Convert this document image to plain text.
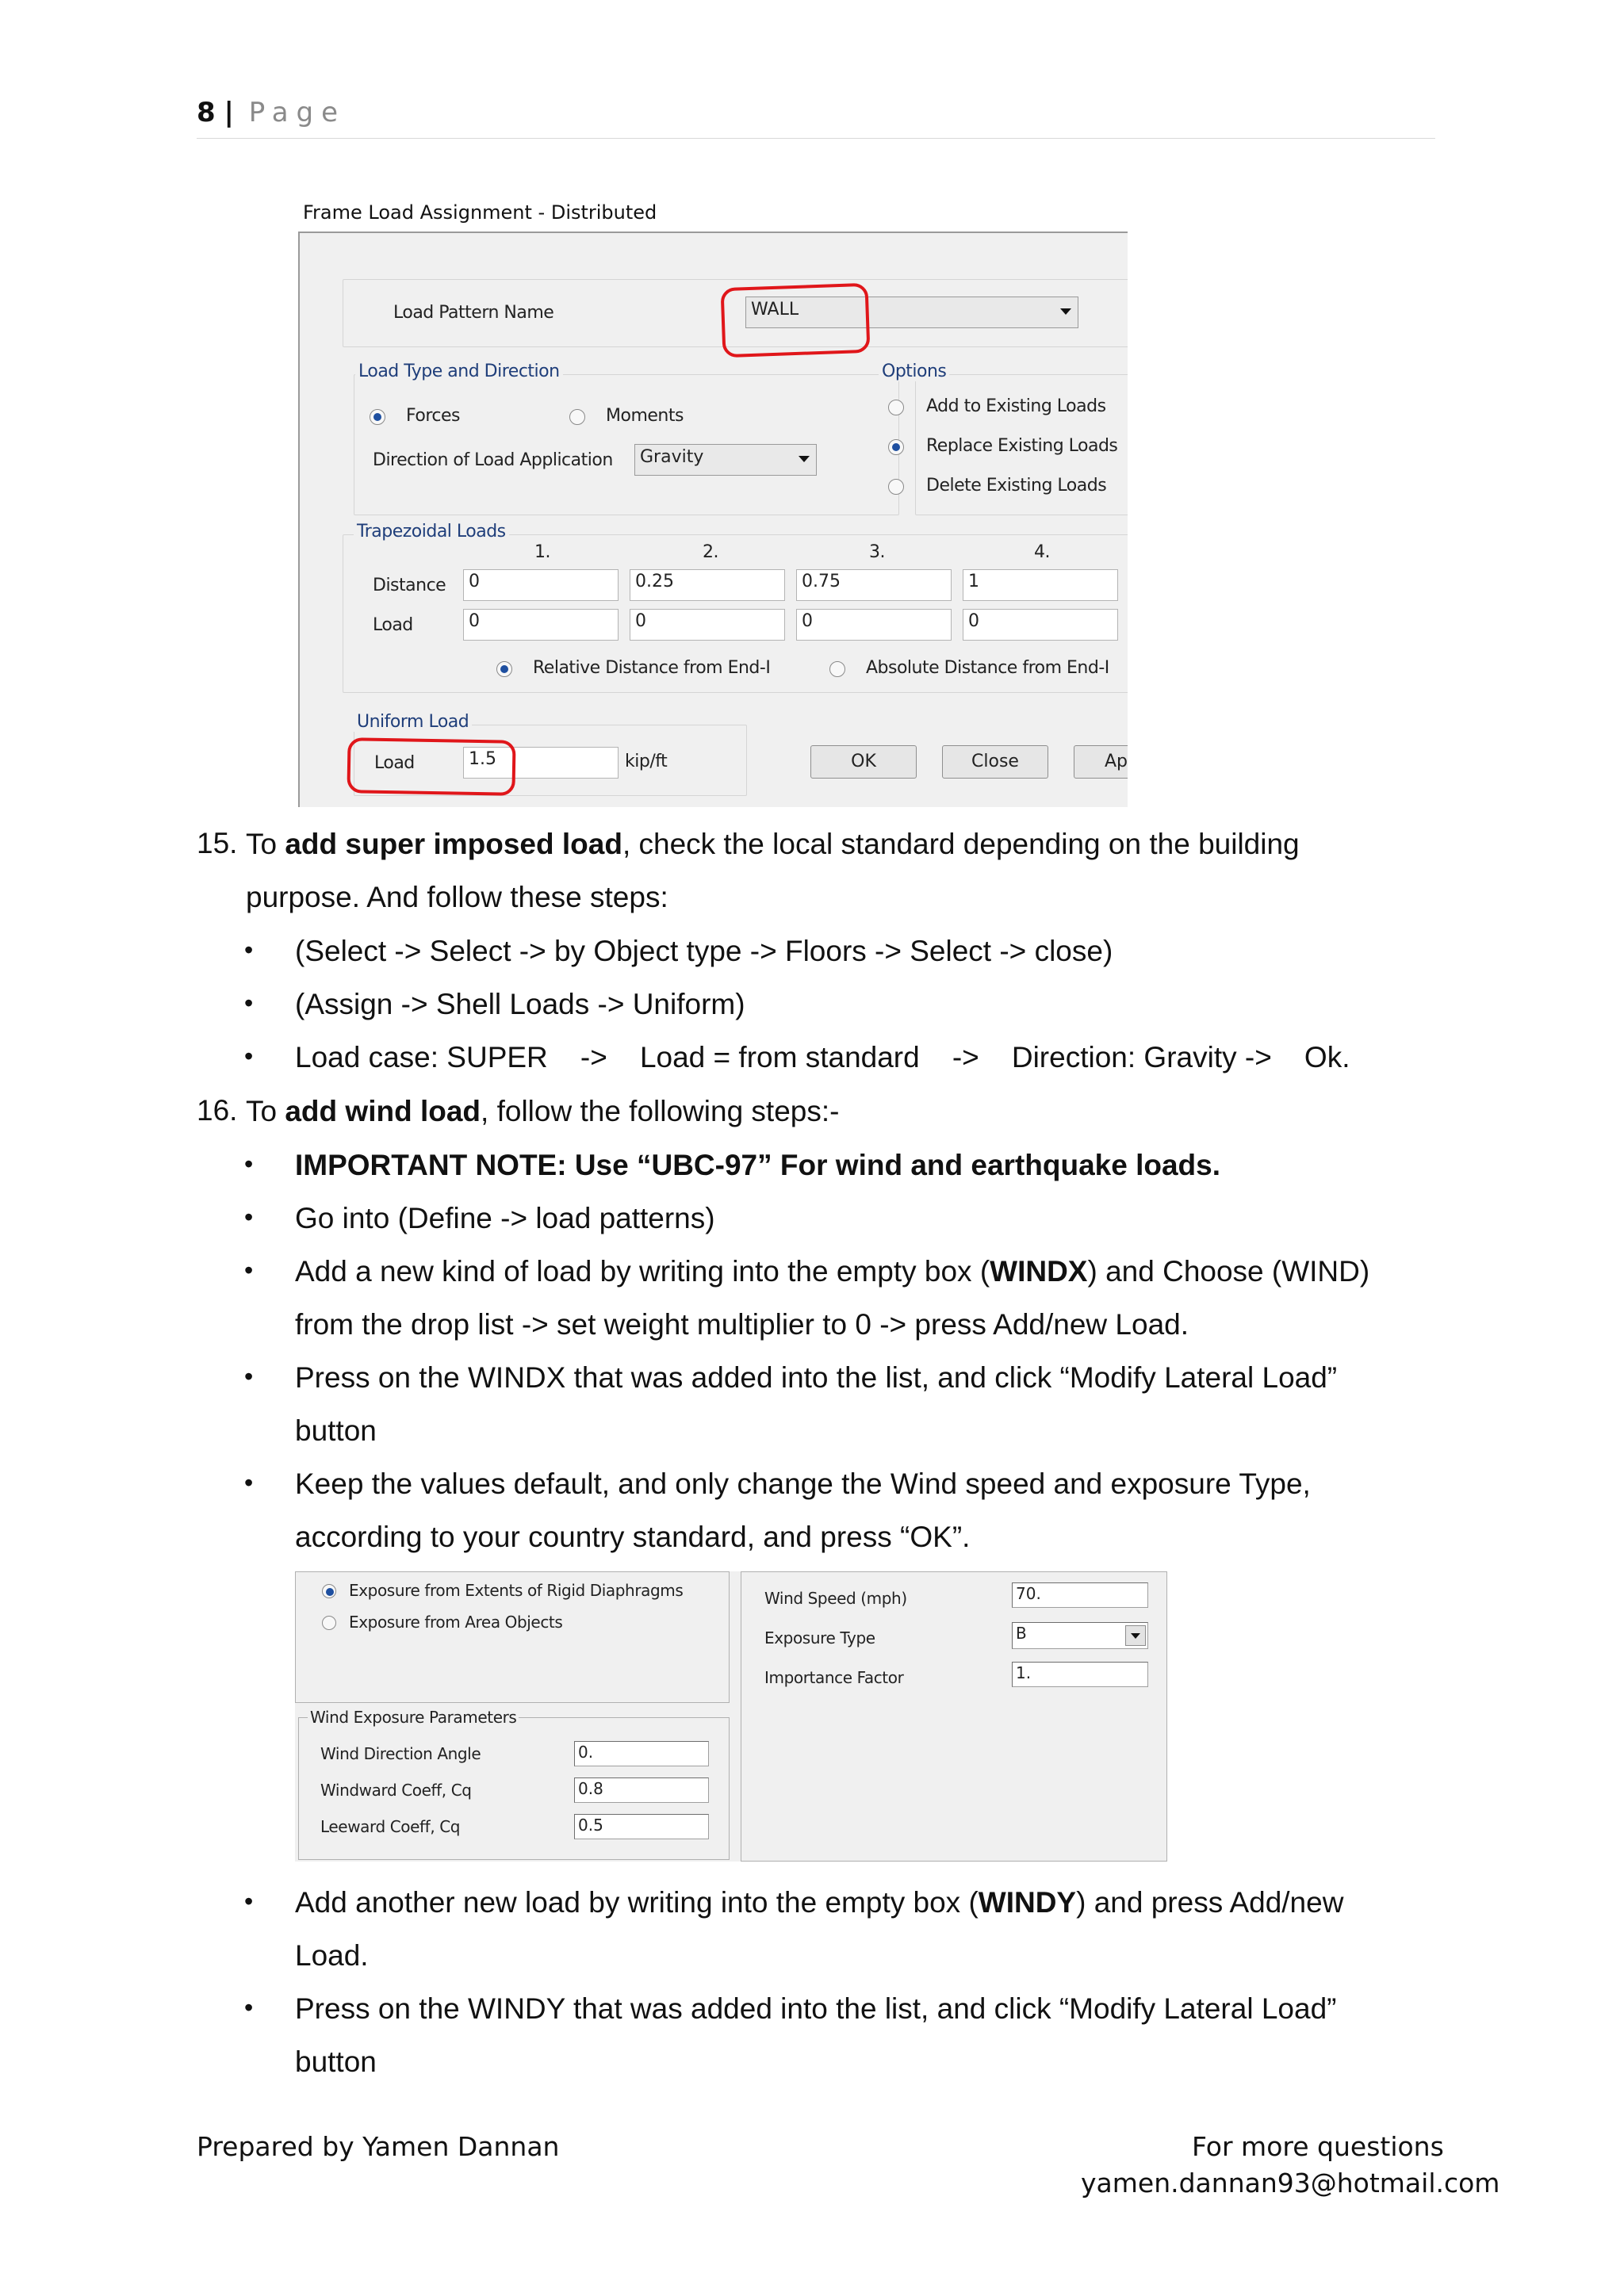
8 | Page
Frame Load Assignment - Distributed
Load Pattern Name	WALL
Load Type and Direction
Forces	Moments
Direction of Load Application	Gravity
Options
Add to Existing Loads
Replace Existing Loads
Delete Existing Loads
Trapezoidal Loads
1.	2.	3.	4.
Distance	0	0.25	0.75	1
Load	0	0	0	0
Relative Distance from End-I	Absolute Distance from End-I
Uniform Load
Load	1.5	kip/ft	OK	Close	Ap
15. To add super imposed load, check the local standard depending on the building
purpose. And follow these steps:
• (Select -> Select -> by Object type -> Floors -> Select -> close)
• (Assign -> Shell Loads -> Uniform)
• Load case: SUPER    ->    Load = from standard    ->    Direction: Gravity ->    Ok.
16. To add wind load, follow the following steps:-
• IMPORTANT NOTE: Use “UBC-97” For wind and earthquake loads.
• Go into (Define -> load patterns)
• Add a new kind of load by writing into the empty box (WINDX) and Choose (WIND)
from the drop list -> set weight multiplier to 0 -> press Add/new Load.
• Press on the WINDX that was added into the list, and click “Modify Lateral Load”
button
• Keep the values default, and only change the Wind speed and exposure Type,
according to your country standard, and press “OK”.
Exposure from Extents of Rigid Diaphragms
Exposure from Area Objects
Wind Exposure Parameters
Wind Direction Angle	0.
Windward Coeff, Cq	0.8
Leeward Coeff, Cq	0.5
Wind Speed (mph)	70.
Exposure Type	B
Importance Factor	1.
• Add another new load by writing into the empty box (WINDY) and press Add/new
Load.
• Press on the WINDY that was added into the list, and click “Modify Lateral Load”
button
Prepared by Yamen Dannan	For more questions
yamen.dannan93@hotmail.com
